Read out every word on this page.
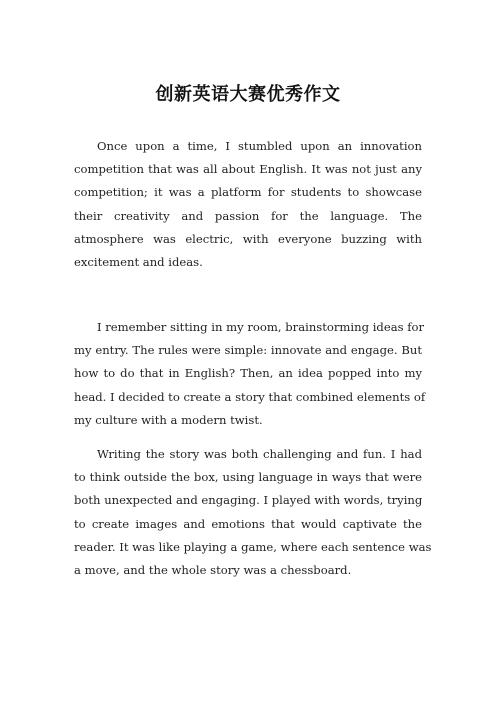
创新英语大赛优秀作文
Once upon a time, I stumbled upon an innovation
competition that was all about English. It was not just any
competition; it was a platform for students to showcase
their creativity and passion for the language. The
atmosphere was electric, with everyone buzzing with
excitement and ideas.
I remember sitting in my room, brainstorming ideas for
my entry. The rules were simple: innovate and engage. But
how to do that in English? Then, an idea popped into my
head. I decided to create a story that combined elements of
my culture with a modern twist.
Writing the story was both challenging and fun. I had
to think outside the box, using language in ways that were
both unexpected and engaging. I played with words, trying
to create images and emotions that would captivate the
reader. It was like playing a game, where each sentence was
a move, and the whole story was a chessboard.
